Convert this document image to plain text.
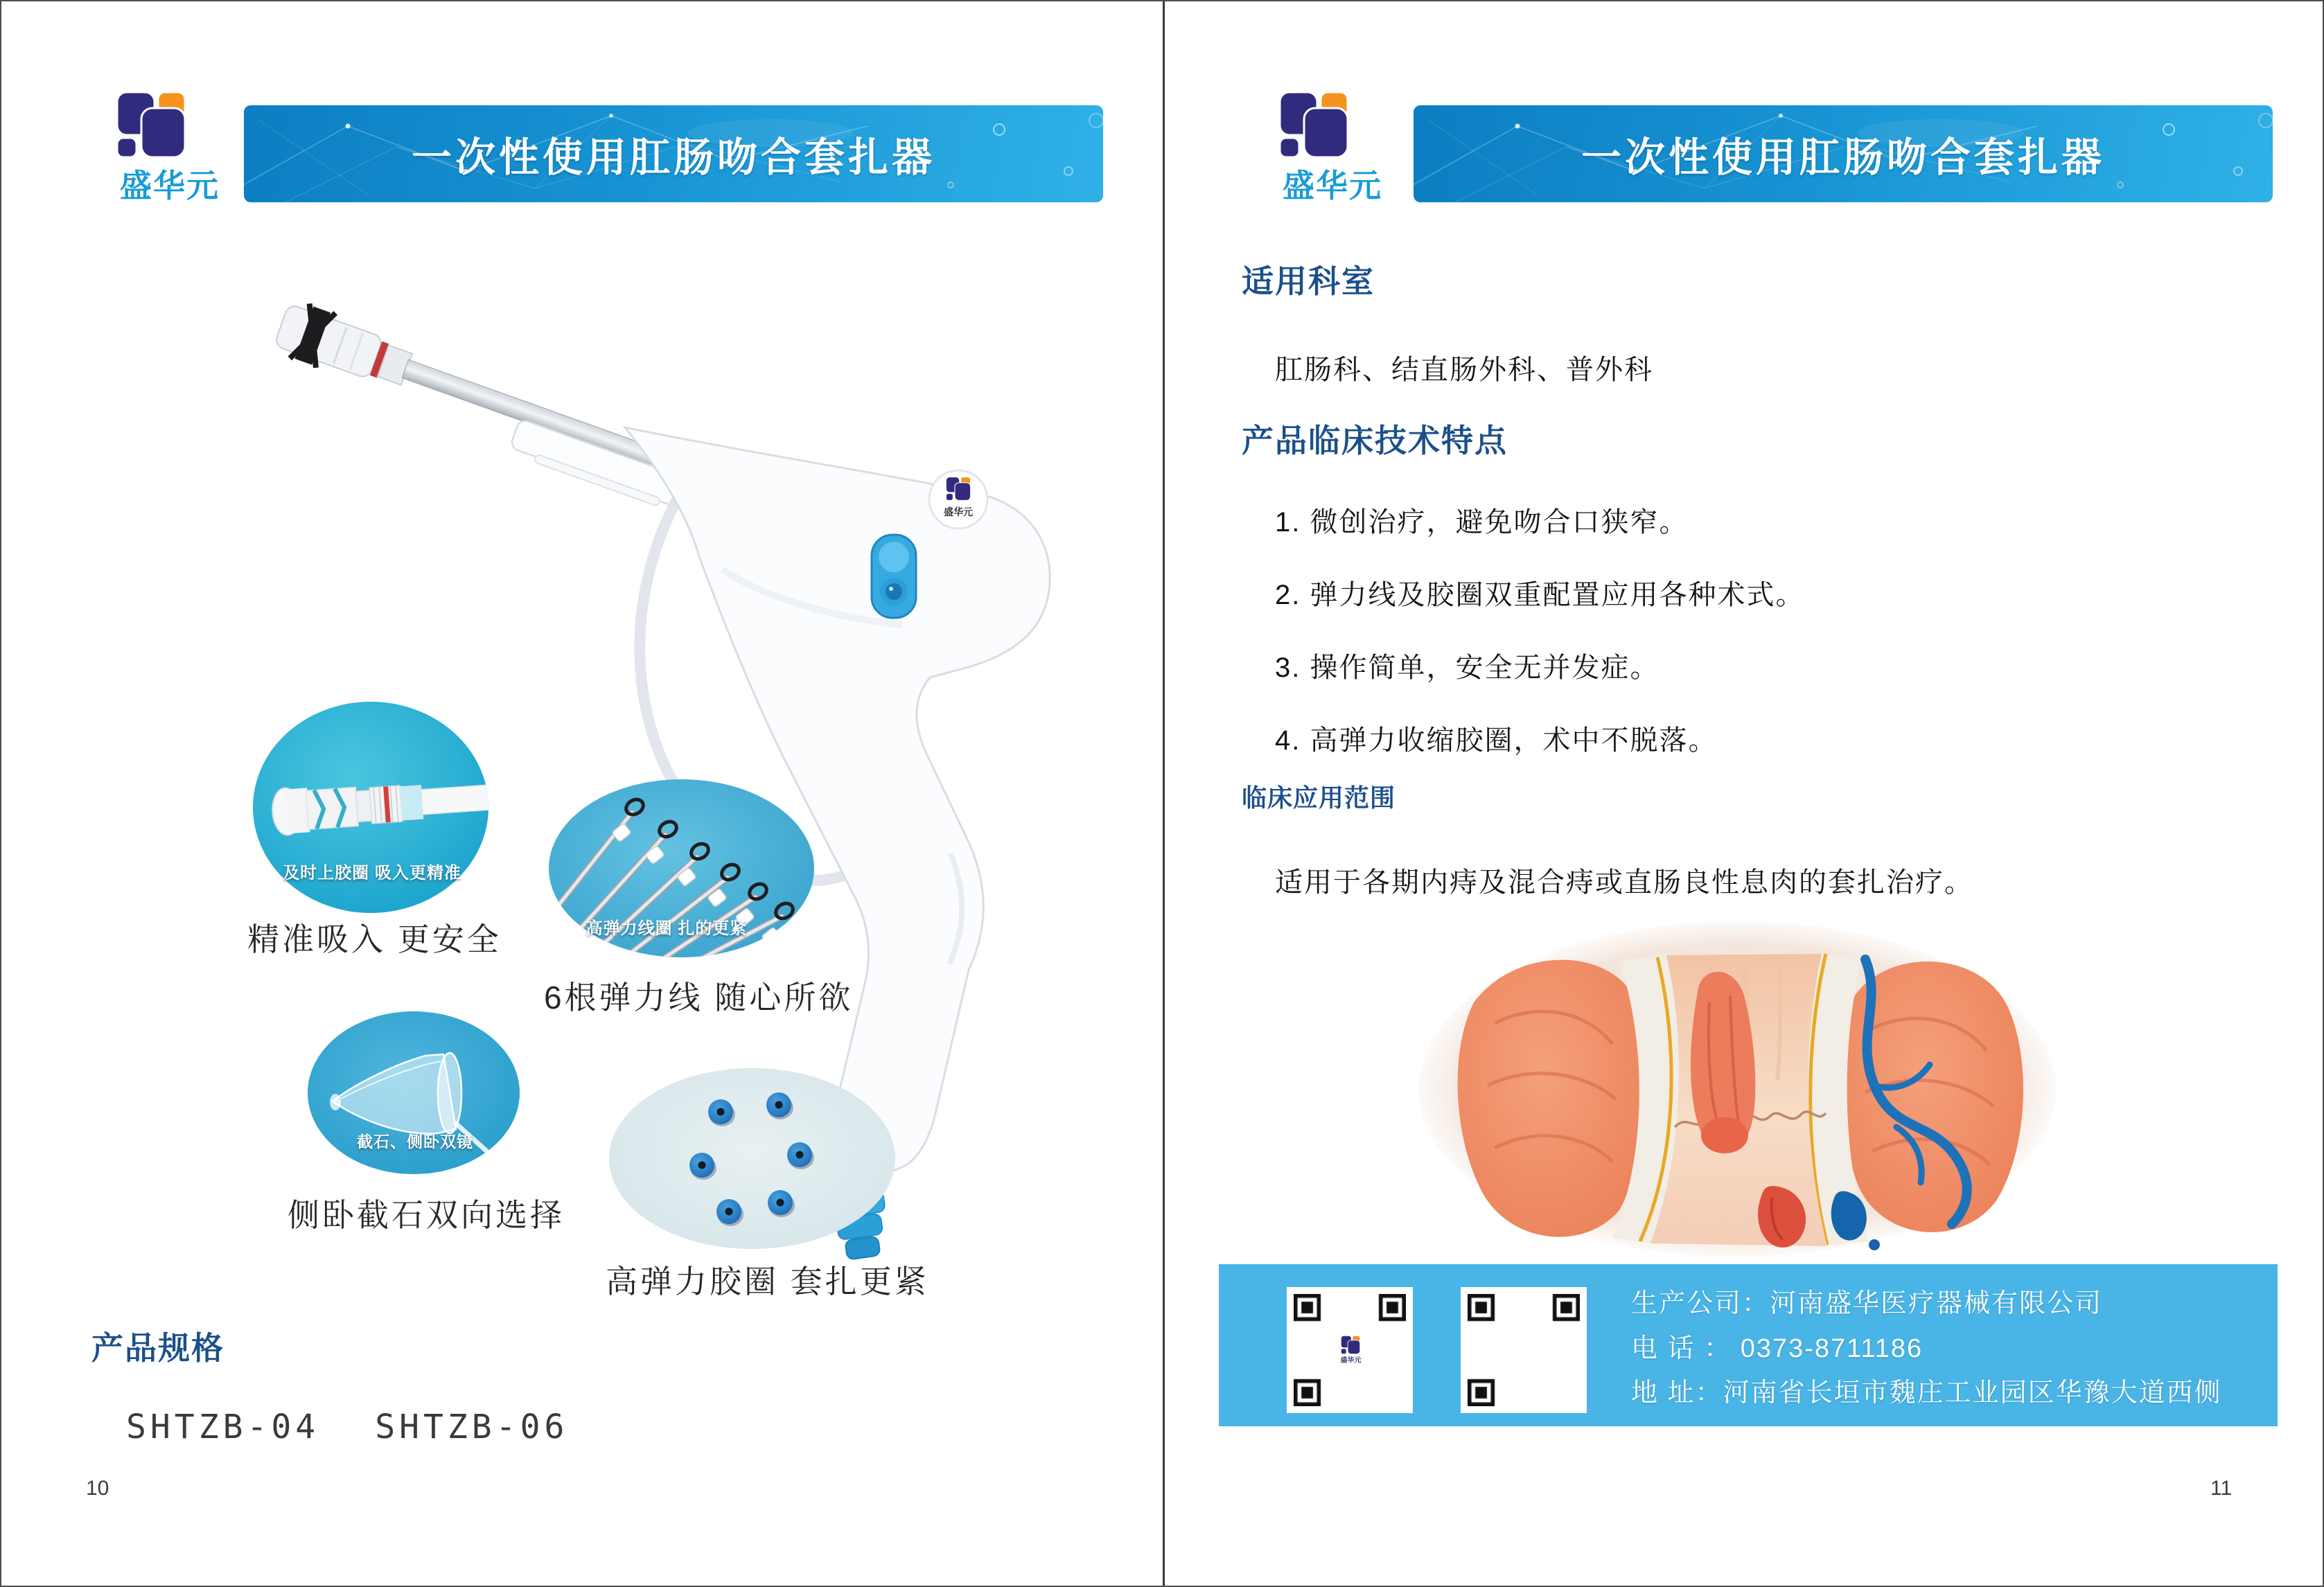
盛华元
一次性使用肛肠吻合套扎器
盛华元
及时上胶圈 吸入更精准
精准吸入 更安全	高弹力线圈 扎的更紧
6根弹力线 随心所欲
截石、侧卧双镜
侧卧截石双向选择
高弹力胶圈 套扎更紧
产品规格
SHTZB-04 SHTZB-06
10
盛华元
一次性使用肛肠吻合套扎器
适用科室
肛肠科、结直肠外科、普外科
产品临床技术特点
1. 微创治疗，避免吻合口狭窄。
2. 弹力线及胶圈双重配置应用各种术式。
3. 操作简单，安全无并发症。
4. 高弹力收缩胶圈，术中不脱落。
临床应用范围
适用于各期内痔及混合痔或直肠良性息肉的套扎治疗。
盛华元
生产公司：河南盛华医疗器械有限公司
电 话 ： 0373-8711186
地 址：河南省长垣市魏庄工业园区华豫大道西侧
11
